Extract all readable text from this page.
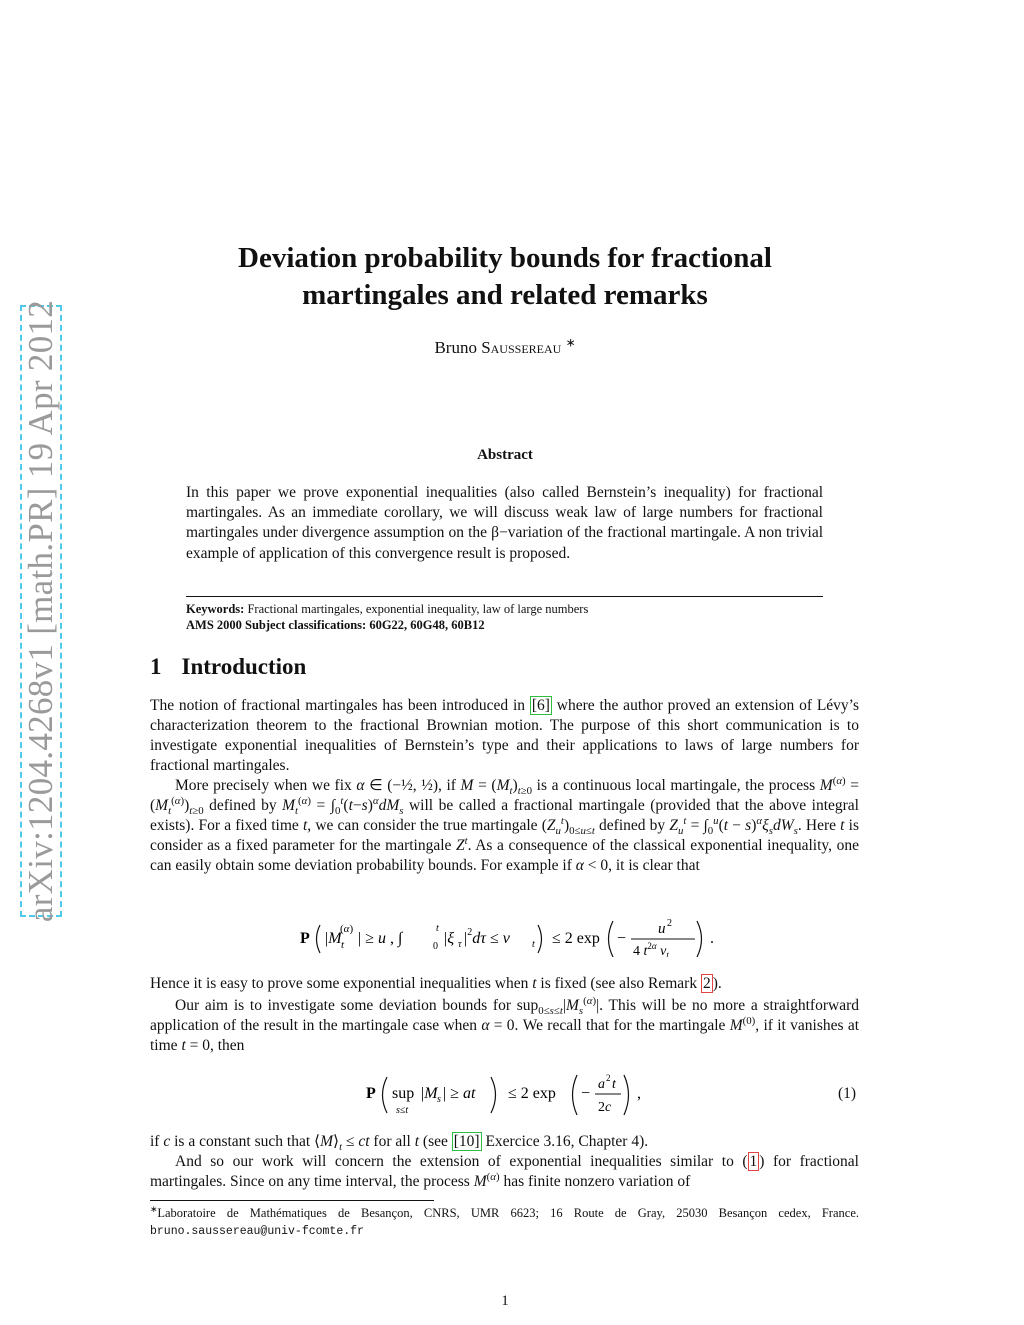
arXiv:1204.4268v1 [math.PR] 19 Apr 2012
Deviation probability bounds for fractional
martingales and related remarks
Bruno Saussereau ∗
Abstract
In this paper we prove exponential inequalities (also called Bernstein’s inequality) for fractional martingales. As an immediate corollary, we will discuss weak law of large numbers for fractional martingales under divergence assumption on the β−variation of the fractional martingale. A non trivial example of application of this convergence result is proposed.
Keywords: Fractional martingales, exponential inequality, law of large numbers
AMS 2000 Subject classifications: 60G22, 60G48, 60B12
1 Introduction
The notion of fractional martingales has been introduced in [6] where the author proved an extension of Lévy’s characterization theorem to the fractional Brownian motion. The purpose of this short communication is to investigate exponential inequalities of Bernstein’s type and their applications to laws of large numbers for fractional martingales.
More precisely when we fix α ∈ (−½, ½), if $M = (M_t)_{t\ge 0}$ is a continuous local martingale, the process $M^{(\alpha)} = (M_t^{(\alpha)})_{t\ge 0}$ defined by $M_t^{(\alpha)} = \int_0^t(t-s)^\alpha dM_s$ will be called a fractional martingale (provided that the above integral exists). For a fixed time t, we can consider the true martingale $(Z_u^t)_{0\le u\le t}$ defined by $Z_u^t = \int_0^u(t - s)^\alpha\xi_sdW_s$. Here t is consider as a fixed parameter for the martingale $Z^t$. As a consequence of the classical exponential inequality, one can easily obtain some deviation probability bounds. For example if α < 0, it is clear that
P |M t
(α)
| ≥ u , ∫	0
t
|ξ τ $|^2d\tau \le \nu$ t ≤ 2 exp −
u 2
4 $t^{2\alpha}$ $\nu_t$
.
Hence it is easy to prove some exponential inequalities when t is fixed (see also Remark 2 ).
Our aim is to investigate some deviation bounds for $sup_{0\le s\le t}|M_s^{(\alpha)}|$. This will be no more a straightforward application of the result in the martingale case when α = 0. We recall that for the martingale $M^{(0)}$, if it vanishes at time t = 0, then
P sup
s≤t
|M s | ≥ at ≤ 2 exp −
a 2 t
2c
,	(1)
if c is a constant such that $⟨M⟩_t$ ≤ ct for all t (see [10] Exercice 3.16, Chapter 4).
And so our work will concern the extension of exponential inequalities similar to ( 1 ) for fractional martingales. Since on any time interval, the process $M^{(\alpha)}$ has finite nonzero variation of
∗Laboratoire de Mathématiques de Besançon, CNRS, UMR 6623; 16 Route de Gray, 25030 Besançon cedex, France. bruno.saussereau@univ-fcomte.fr
1
